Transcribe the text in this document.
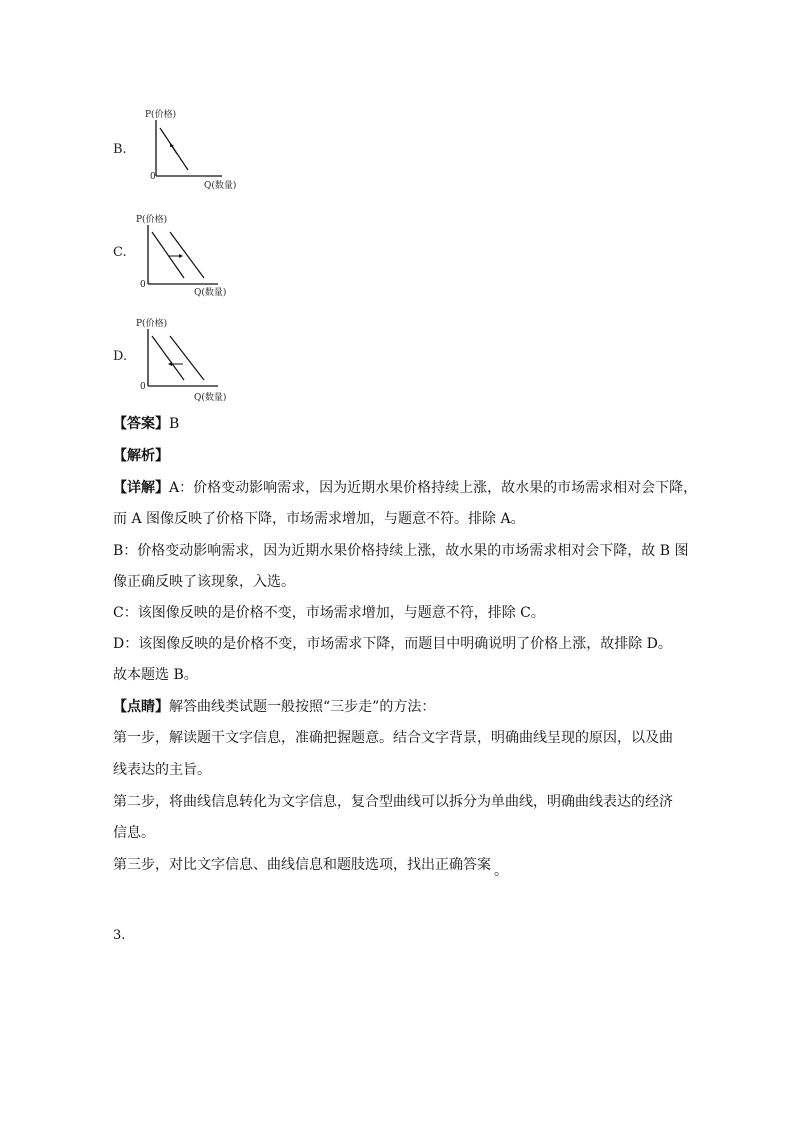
B.
P(价格)
0
Q(数量)
C.
P(价格)
0
Q(数量)
D.
P(价格)
0
Q(数量)
【答案】B
【解析】
【详解】A：价格变动影响需求，因为近期水果价格持续上涨，故水果的市场需求相对会下降，
而 A 图像反映了价格下降，市场需求增加，与题意不符。排除 A。
B：价格变动影响需求，因为近期水果价格持续上涨，故水果的市场需求相对会下降，故 B 图
像正确反映了该现象，入选。
C：该图像反映的是价格不变，市场需求增加，与题意不符，排除 C。
D：该图像反映的是价格不变，市场需求下降，而题目中明确说明了价格上涨，故排除 D。
故本题选 B。
【点睛】解答曲线类试题一般按照“三步走”的方法：
第一步，解读题干文字信息，准确把握题意。结合文字背景，明确曲线呈现的原因，以及曲
线表达的主旨。
第二步，将曲线信息转化为文字信息，复合型曲线可以拆分为单曲线，明确曲线表达的经济
信息。
第三步，对比文字信息、曲线信息和题肢选项，找出正确答案 。
3.
